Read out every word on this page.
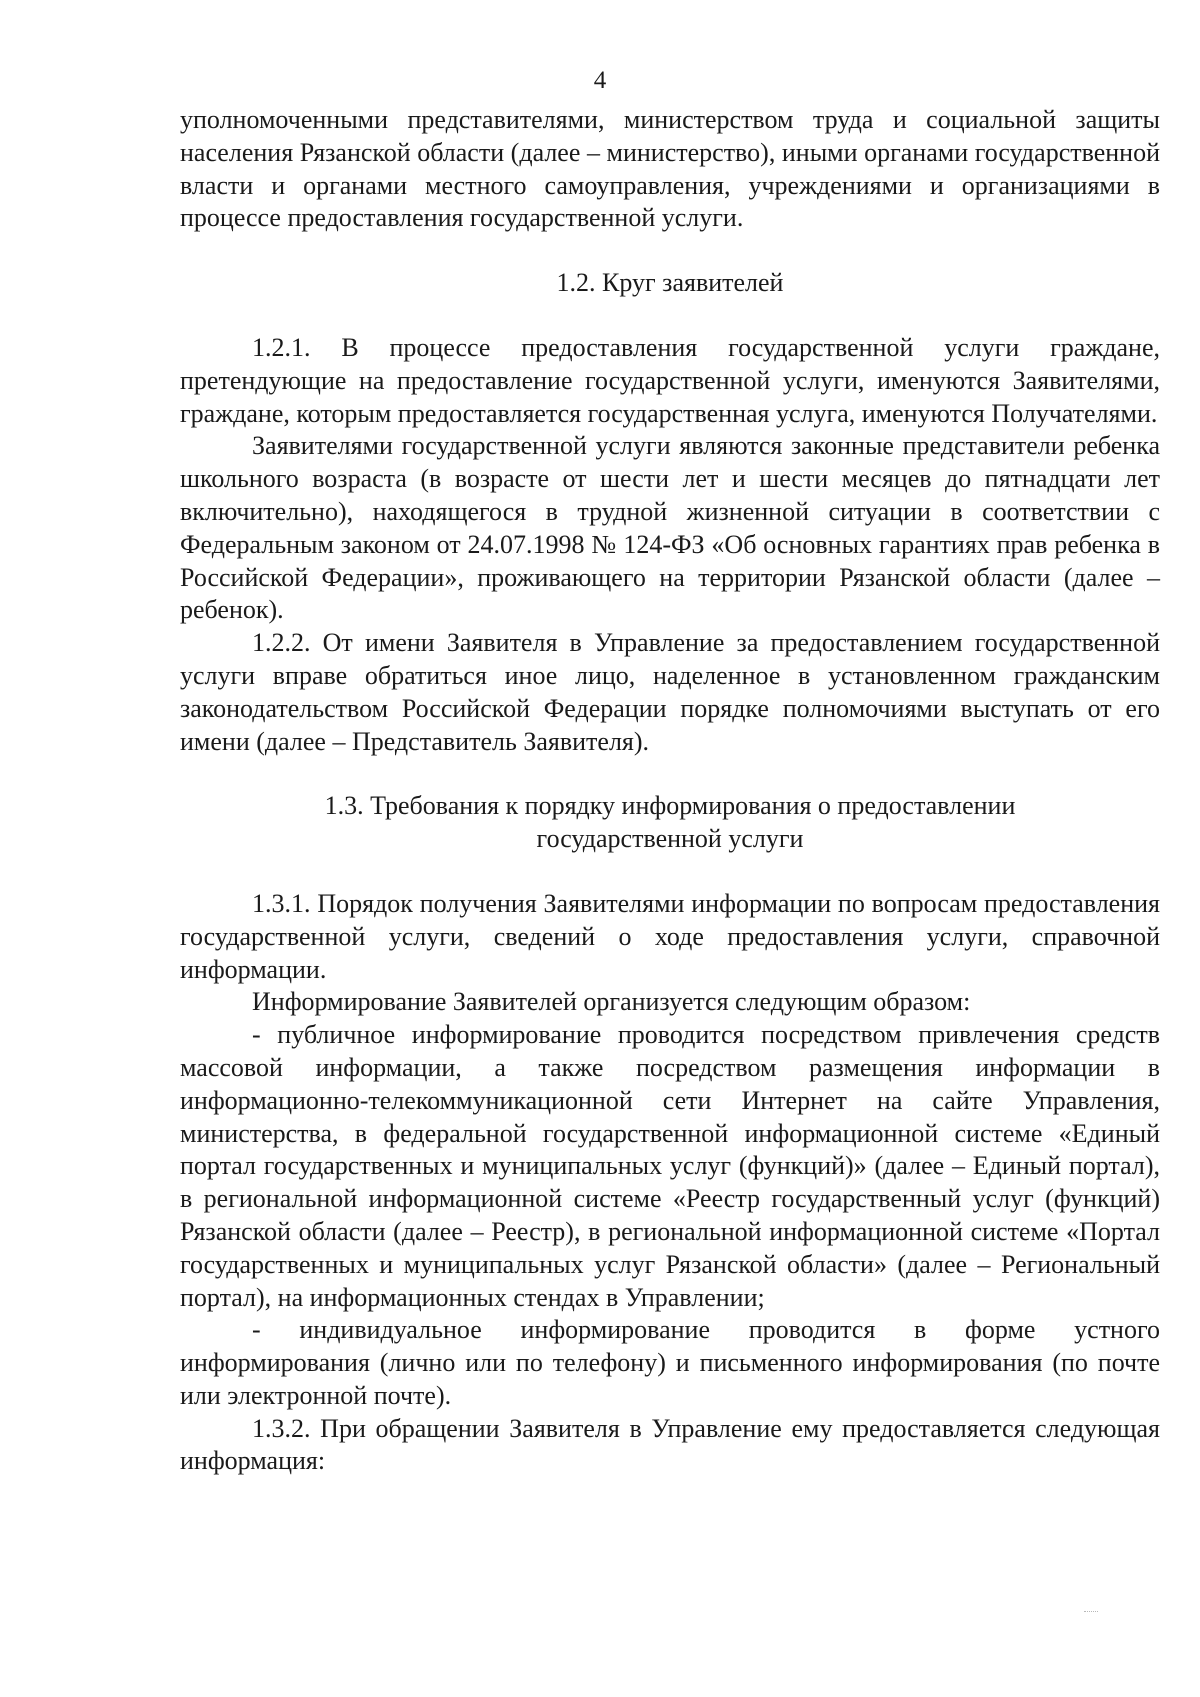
4

уполномоченными представителями, министерством труда и социальной защиты населения Рязанской области (далее – министерство), иными органами государственной власти и органами местного самоуправления, учреждениями и организациями в процессе предоставления государственной услуги.

1.2. Круг заявителей

1.2.1. В процессе предоставления государственной услуги граждане, претендующие на предоставление государственной услуги, именуются Заявителями, граждане, которым предоставляется государственная услуга, именуются Получателями.

Заявителями государственной услуги являются законные представители ребенка школьного возраста (в возрасте от шести лет и шести месяцев до пятнадцати лет включительно), находящегося в трудной жизненной ситуации в соответствии с Федеральным законом от 24.07.1998 № 124-ФЗ «Об основных гарантиях прав ребенка в Российской Федерации», проживающего на территории Рязанской области (далее – ребенок).

1.2.2. От имени Заявителя в Управление за предоставлением государственной услуги вправе обратиться иное лицо, наделенное в установленном гражданским законодательством Российской Федерации порядке полномочиями выступать от его имени (далее – Представитель Заявителя).

1.3. Требования к порядку информирования о предоставлении

государственной услуги

1.3.1. Порядок получения Заявителями информации по вопросам предоставления государственной услуги, сведений о ходе предоставления услуги, справочной информации.

Информирование Заявителей организуется следующим образом:

- публичное информирование проводится посредством привлечения средств массовой информации, а также посредством размещения информации в информационно-телекоммуникационной сети Интернет на сайте Управления, министерства, в федеральной государственной информационной системе «Единый портал государственных и муниципальных услуг (функций)» (далее – Единый портал), в региональной информационной системе «Реестр государственный услуг (функций) Рязанской области (далее – Реестр), в региональной информационной системе «Портал государственных и муниципальных услуг Рязанской области» (далее – Региональный портал), на информационных стендах в Управлении;

- индивидуальное информирование проводится в форме устного информирования (лично или по телефону) и письменного информирования (по почте или электронной почте).

1.3.2. При обращении Заявителя в Управление ему предоставляется следующая информация:
